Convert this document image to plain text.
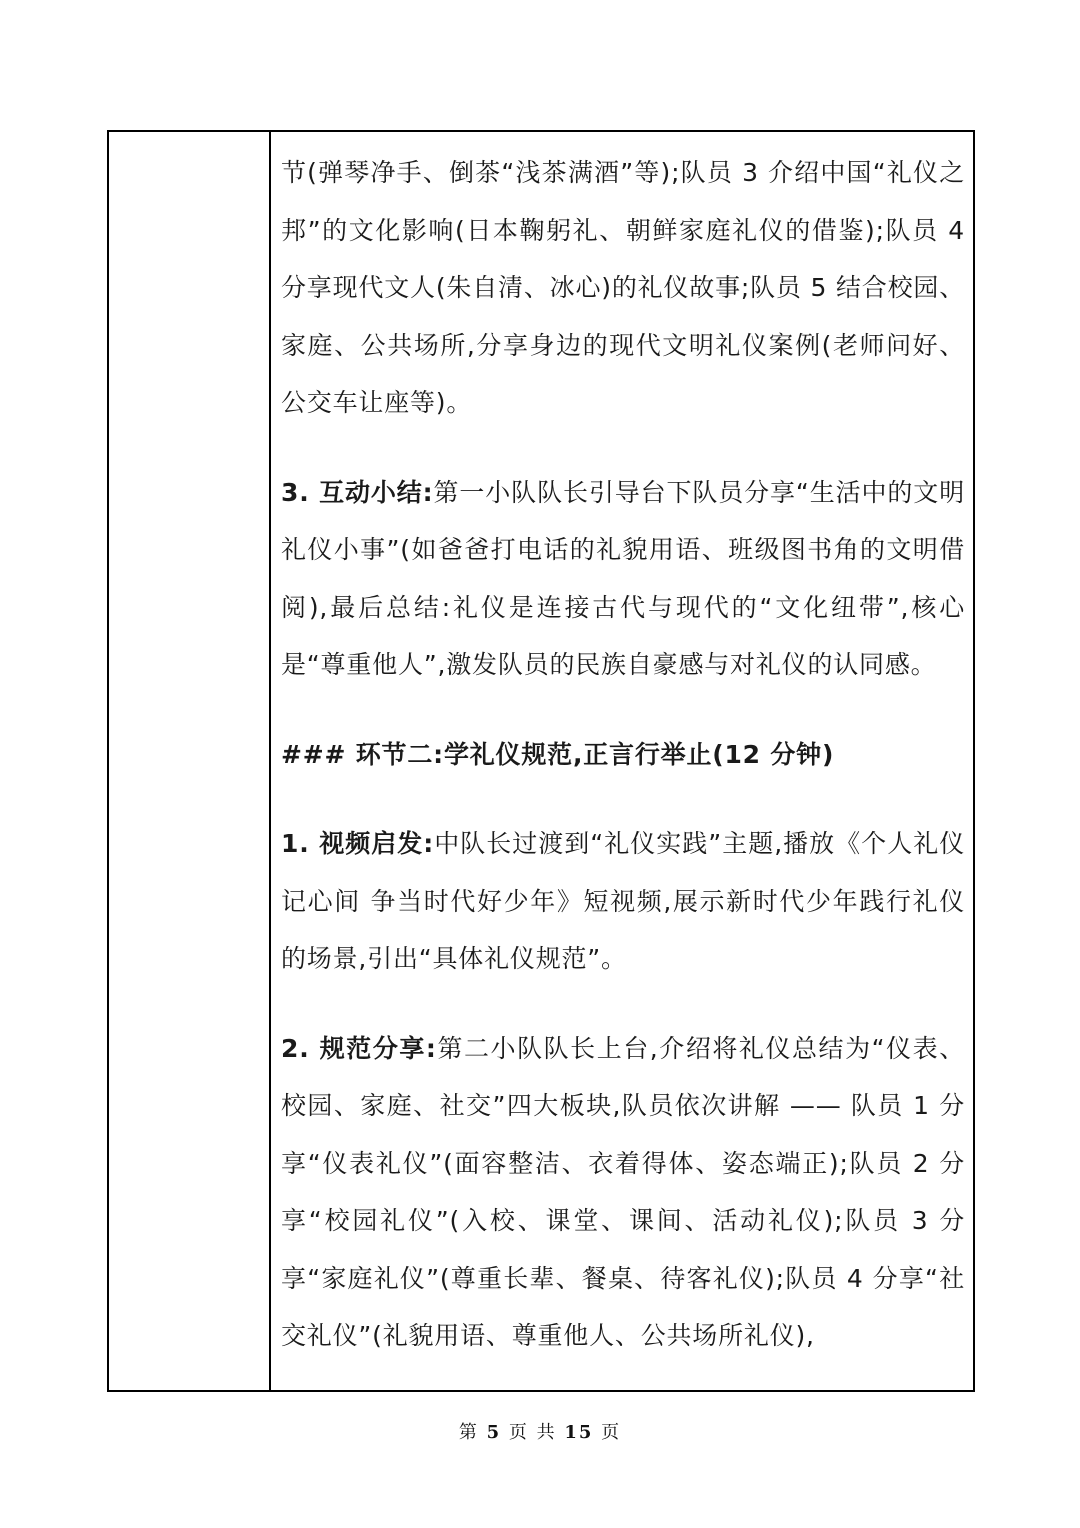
节(弹琴净手、倒茶“浅茶满酒”等);队员 3 介绍中国“礼仪之邦”的文化影响(日本鞠躬礼、朝鲜家庭礼仪的借鉴);队员 4 分享现代文人(朱自清、冰心)的礼仪故事;队员 5 结合校园、家庭、公共场所,分享身边的现代文明礼仪案例(老师问好、公交车让座等)。

3. 互动小结:第一小队队长引导台下队员分享“生活中的文明礼仪小事”(如爸爸打电话的礼貌用语、班级图书角的文明借阅),最后总结:礼仪是连接古代与现代的“文化纽带”,核心是“尊重他人”,激发队员的民族自豪感与对礼仪的认同感。

### 环节二:学礼仪规范,正言行举止(12 分钟)

1. 视频启发:中队长过渡到“礼仪实践”主题,播放《个人礼仪记心间 争当时代好少年》短视频,展示新时代少年践行礼仪的场景,引出“具体礼仪规范”。

2. 规范分享:第二小队队长上台,介绍将礼仪总结为“仪表、校园、家庭、社交”四大板块,队员依次讲解 —— 队员 1 分享“仪表礼仪”(面容整洁、衣着得体、姿态端正);队员 2 分享“校园礼仪”(入校、课堂、课间、活动礼仪);队员 3 分享“家庭礼仪”(尊重长辈、餐桌、待客礼仪);队员 4 分享“社交礼仪”(礼貌用语、尊重他人、公共场所礼仪),

第 5 页 共 15 页
